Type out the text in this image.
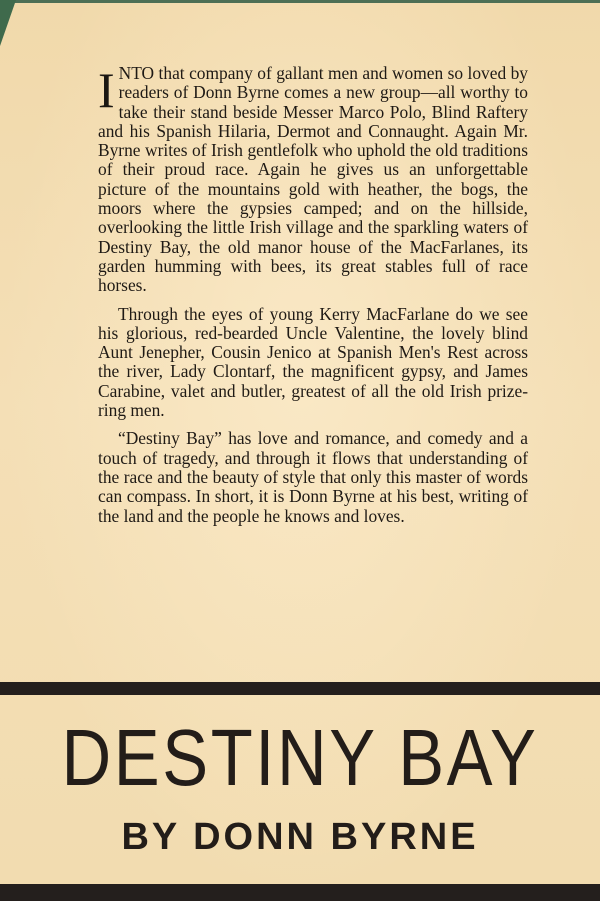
INTO that company of gallant men and women so loved by readers of Donn Byrne comes a new group—all worthy to take their stand beside Messer Marco Polo, Blind Raftery and his Spanish Hilaria, Dermot and Connaught. Again Mr. Byrne writes of Irish gentlefolk who uphold the old traditions of their proud race. Again he gives us an unforgettable picture of the mountains gold with heather, the bogs, the moors where the gypsies camped; and on the hillside, overlooking the little Irish village and the sparkling waters of Destiny Bay, the old manor house of the MacFarlanes, its garden humming with bees, its great stables full of race horses.

Through the eyes of young Kerry MacFarlane do we see his glorious, red-bearded Uncle Valentine, the lovely blind Aunt Jenepher, Cousin Jenico at Spanish Men's Rest across the river, Lady Clontarf, the magnificent gypsy, and James Carabine, valet and butler, greatest of all the old Irish prize-ring men.

“Destiny Bay” has love and romance, and comedy and a touch of tragedy, and through it flows that understanding of the race and the beauty of style that only this master of words can compass. In short, it is Donn Byrne at his best, writing of the land and the people he knows and loves.

DESTINY BAY
BY DONN BYRNE
